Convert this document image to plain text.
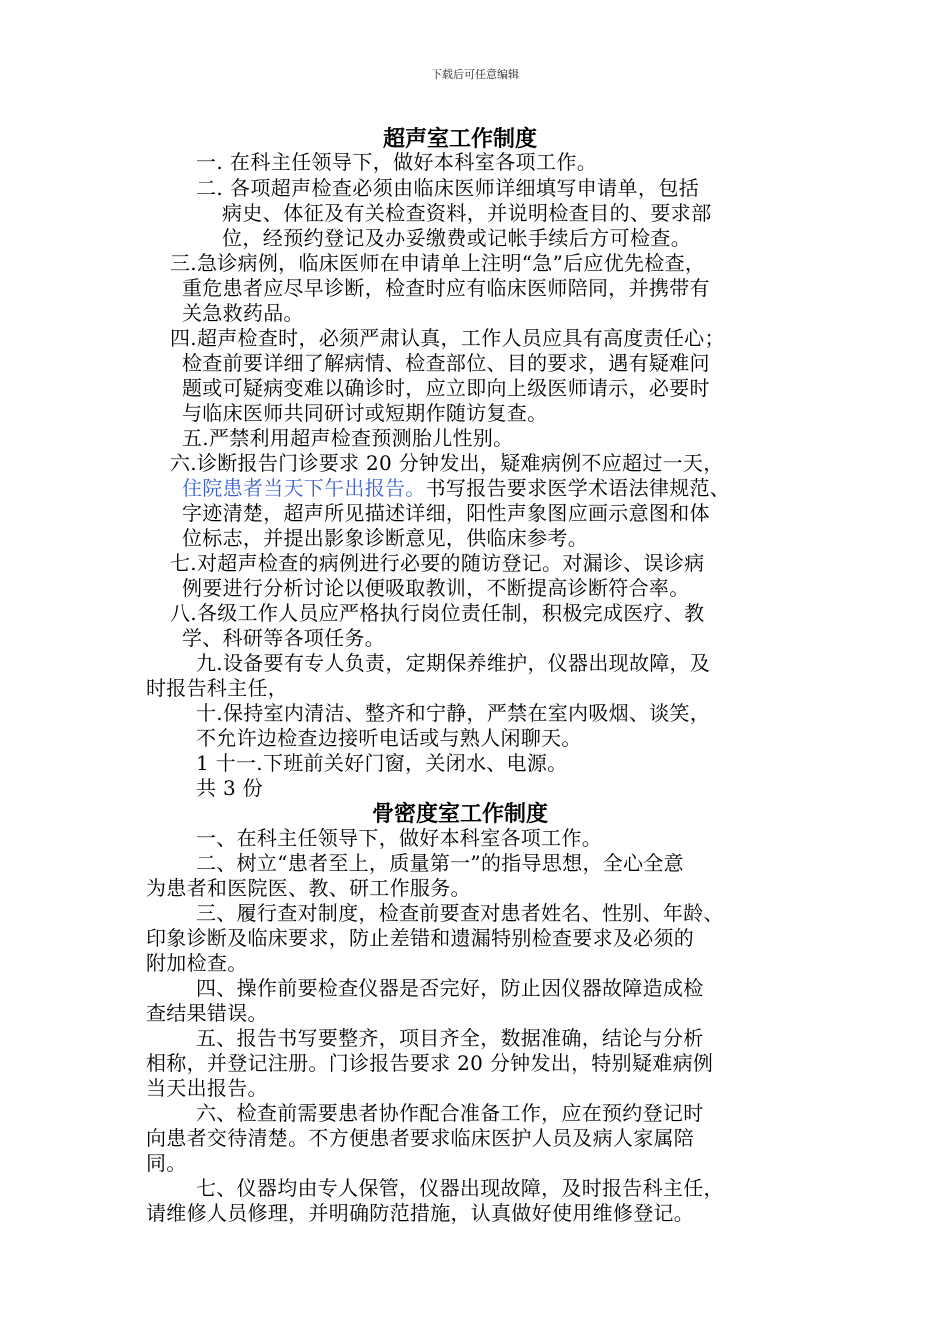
下载后可任意编辑
超声室工作制度
一. 在科主任领导下，做好本科室各项工作。
二. 各项超声检查必须由临床医师详细填写申请单，包括
病史、体征及有关检查资料，并说明检查目的、要求部
位，经预约登记及办妥缴费或记帐手续后方可检查。
三.急诊病例，临床医师在申请单上注明“急”后应优先检查，
重危患者应尽早诊断，检查时应有临床医师陪同，并携带有
关急救药品。
四.超声检查时，必须严肃认真，工作人员应具有高度责任心；
检查前要详细了解病情、检查部位、目的要求，遇有疑难问
题或可疑病变难以确诊时，应立即向上级医师请示，必要时
与临床医师共同研讨或短期作随访复查。
五.严禁利用超声检查预测胎儿性别。
六.诊断报告门诊要求 20 分钟发出，疑难病例不应超过一天，
住院患者当天下午出报告。书写报告要求医学术语法律规范、
字迹清楚，超声所见描述详细，阳性声象图应画示意图和体
位标志，并提出影象诊断意见，供临床参考。
七.对超声检查的病例进行必要的随访登记。对漏诊、误诊病
例要进行分析讨论以便吸取教训，不断提高诊断符合率。
八.各级工作人员应严格执行岗位责任制，积极完成医疗、教
学、科研等各项任务。
九.设备要有专人负责，定期保养维护，仪器出现故障，及
时报告科主任，
十.保持室内清洁、整齐和宁静，严禁在室内吸烟、谈笑，
不允许边检查边接听电话或与熟人闲聊天。
1 十一.下班前关好门窗，关闭水、电源。
共 3 份
骨密度室工作制度
一、在科主任领导下，做好本科室各项工作。
二、树立“患者至上，质量第一”的指导思想，全心全意
为患者和医院医、教、研工作服务。
三、履行查对制度，检查前要查对患者姓名、性别、年龄、
印象诊断及临床要求，防止差错和遗漏特别检查要求及必须的
附加检查。
四、操作前要检查仪器是否完好，防止因仪器故障造成检
查结果错误。
五、报告书写要整齐，项目齐全，数据准确，结论与分析
相称，并登记注册。门诊报告要求 20 分钟发出，特别疑难病例
当天出报告。
六、检查前需要患者协作配合准备工作，应在预约登记时
向患者交待清楚。不方便患者要求临床医护人员及病人家属陪
同。
七、仪器均由专人保管，仪器出现故障，及时报告科主任，
请维修人员修理，并明确防范措施，认真做好使用维修登记。
